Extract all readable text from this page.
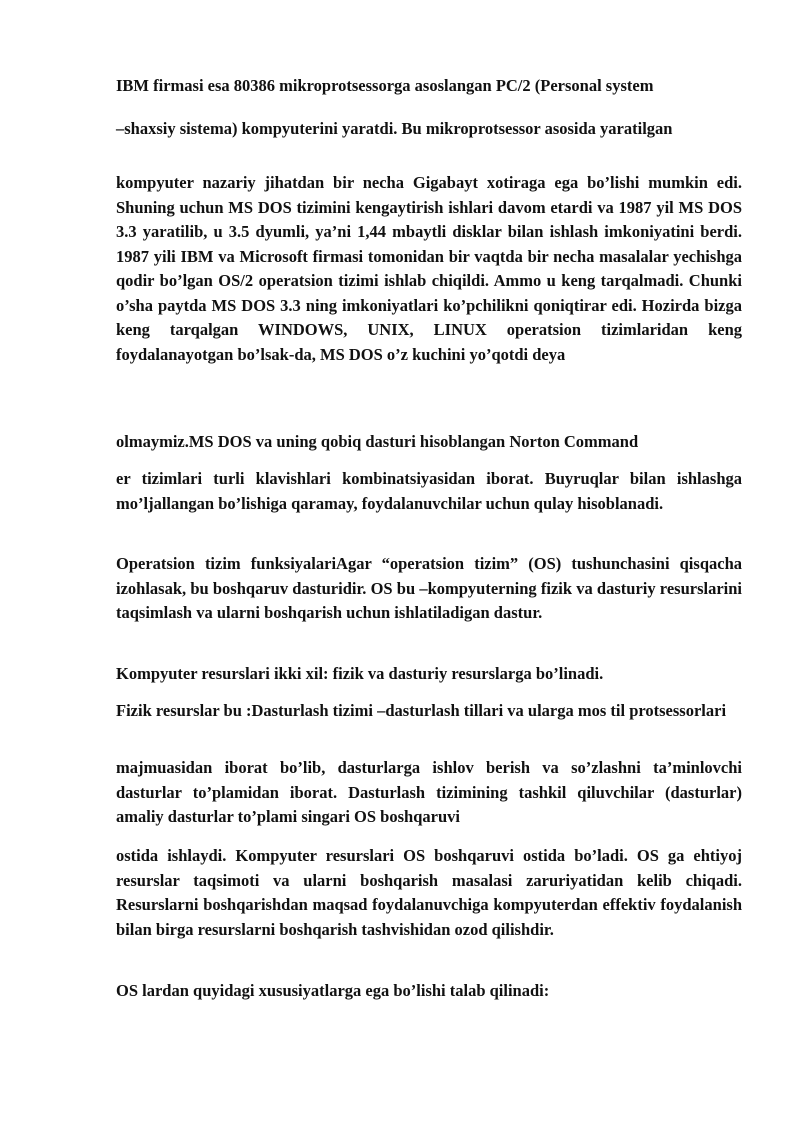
IBM firmasi esa 80386 mikroprotsessorga asoslangan PC/2 (Personal system

–shaxsiy sistema) kompyuterini yaratdi. Bu mikroprotsessor asosida yaratilgan

kompyuter nazariy jihatdan bir necha Gigabayt xotiraga ega bo’lishi mumkin edi. Shuning uchun MS DOS tizimini kengaytirish ishlari davom etardi va 1987 yil MS DOS 3.3 yaratilib, u 3.5 dyumli, ya’ni 1,44 mbaytli disklar bilan ishlash imkoniyatini berdi. 1987 yili IBM va Microsoft firmasi tomonidan bir vaqtda bir necha masalalar yechishga qodir bo’lgan OS/2 operatsion tizimi ishlab chiqildi. Ammo u keng tarqalmadi. Chunki o’sha paytda MS DOS 3.3 ning imkoniyatlari ko’pchilikni qoniqtirar edi. Hozirda bizga keng tarqalgan WINDOWS, UNIX, LINUX operatsion tizimlaridan keng foydalanayotgan bo’lsak-da, MS DOS o’z kuchini yo’qotdi deya

olmaymiz.MS DOS va uning qobiq dasturi hisoblangan Norton Command

er tizimlari turli klavishlari kombinatsiyasidan iborat. Buyruqlar bilan ishlashga mo’ljallangan bo’lishiga qaramay, foydalanuvchilar uchun qulay hisoblanadi.

Operatsion tizim funksiyalariAgar “operatsion tizim” (OS) tushunchasini qisqacha izohlasak, bu boshqaruv dasturidir. OS bu –kompyuterning fizik va dasturiy resurslarini taqsimlash va ularni boshqarish uchun ishlatiladigan dastur.

Kompyuter resurslari ikki xil: fizik va dasturiy resurslarga bo’linadi.

Fizik resurslar bu :Dasturlash tizimi –dasturlash tillari va ularga mos til protsessorlari

majmuasidan iborat bo’lib, dasturlarga ishlov berish va so’zlashni ta’minlovchi dasturlar to’plamidan iborat. Dasturlash tizimining tashkil qiluvchilar (dasturlar) amaliy dasturlar to’plami singari OS boshqaruvi

ostida ishlaydi. Kompyuter resurslari OS boshqaruvi ostida bo’ladi. OS ga ehtiyoj resurslar taqsimoti va ularni boshqarish masalasi zaruriyatidan kelib chiqadi. Resurslarni boshqarishdan maqsad foydalanuvchiga kompyuterdan effektiv foydalanish bilan birga resurslarni boshqarish tashvishidan ozod qilishdir.

OS lardan quyidagi xususiyatlarga ega bo’lishi talab qilinadi:
